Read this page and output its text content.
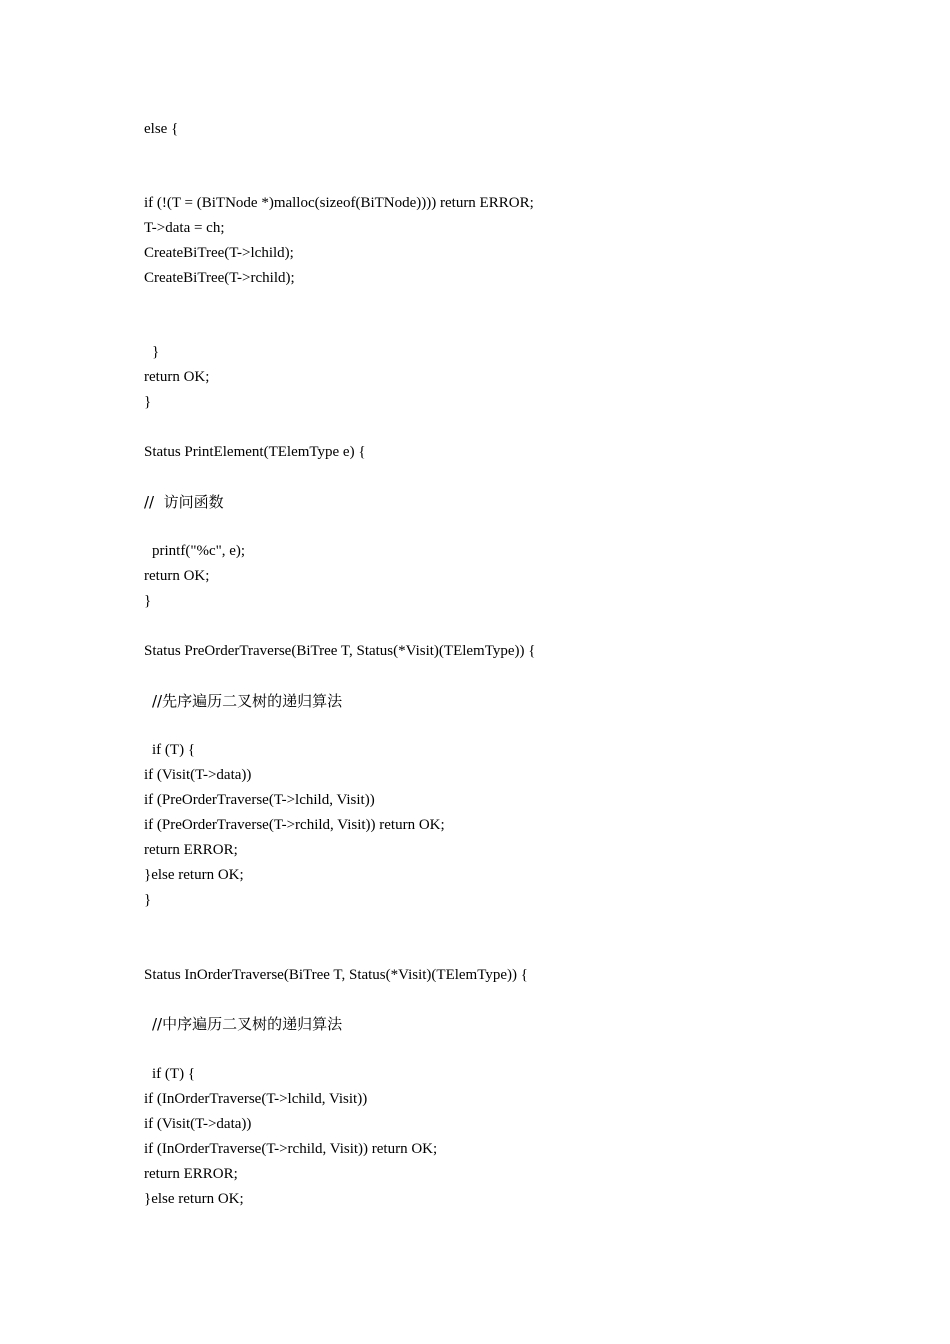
else {
if (!(T = (BiTNode *)malloc(sizeof(BiTNode)))) return ERROR;
T->data = ch;
CreateBiTree(T->lchild);
CreateBiTree(T->rchild);
}
return OK;
}
Status PrintElement(TElemType e) {
//  访问函数
printf("%c", e);
return OK;
}
Status PreOrderTraverse(BiTree T, Status(*Visit)(TElemType)) {
//先序遍历二叉树的递归算法
if (T) {
if (Visit(T->data))
if (PreOrderTraverse(T->lchild, Visit))
if (PreOrderTraverse(T->rchild, Visit)) return OK;
return ERROR;
}else return OK;
}
Status InOrderTraverse(BiTree T, Status(*Visit)(TElemType)) {
//中序遍历二叉树的递归算法
if (T) {
if (InOrderTraverse(T->lchild, Visit))
if (Visit(T->data))
if (InOrderTraverse(T->rchild, Visit)) return OK;
return ERROR;
}else return OK;
